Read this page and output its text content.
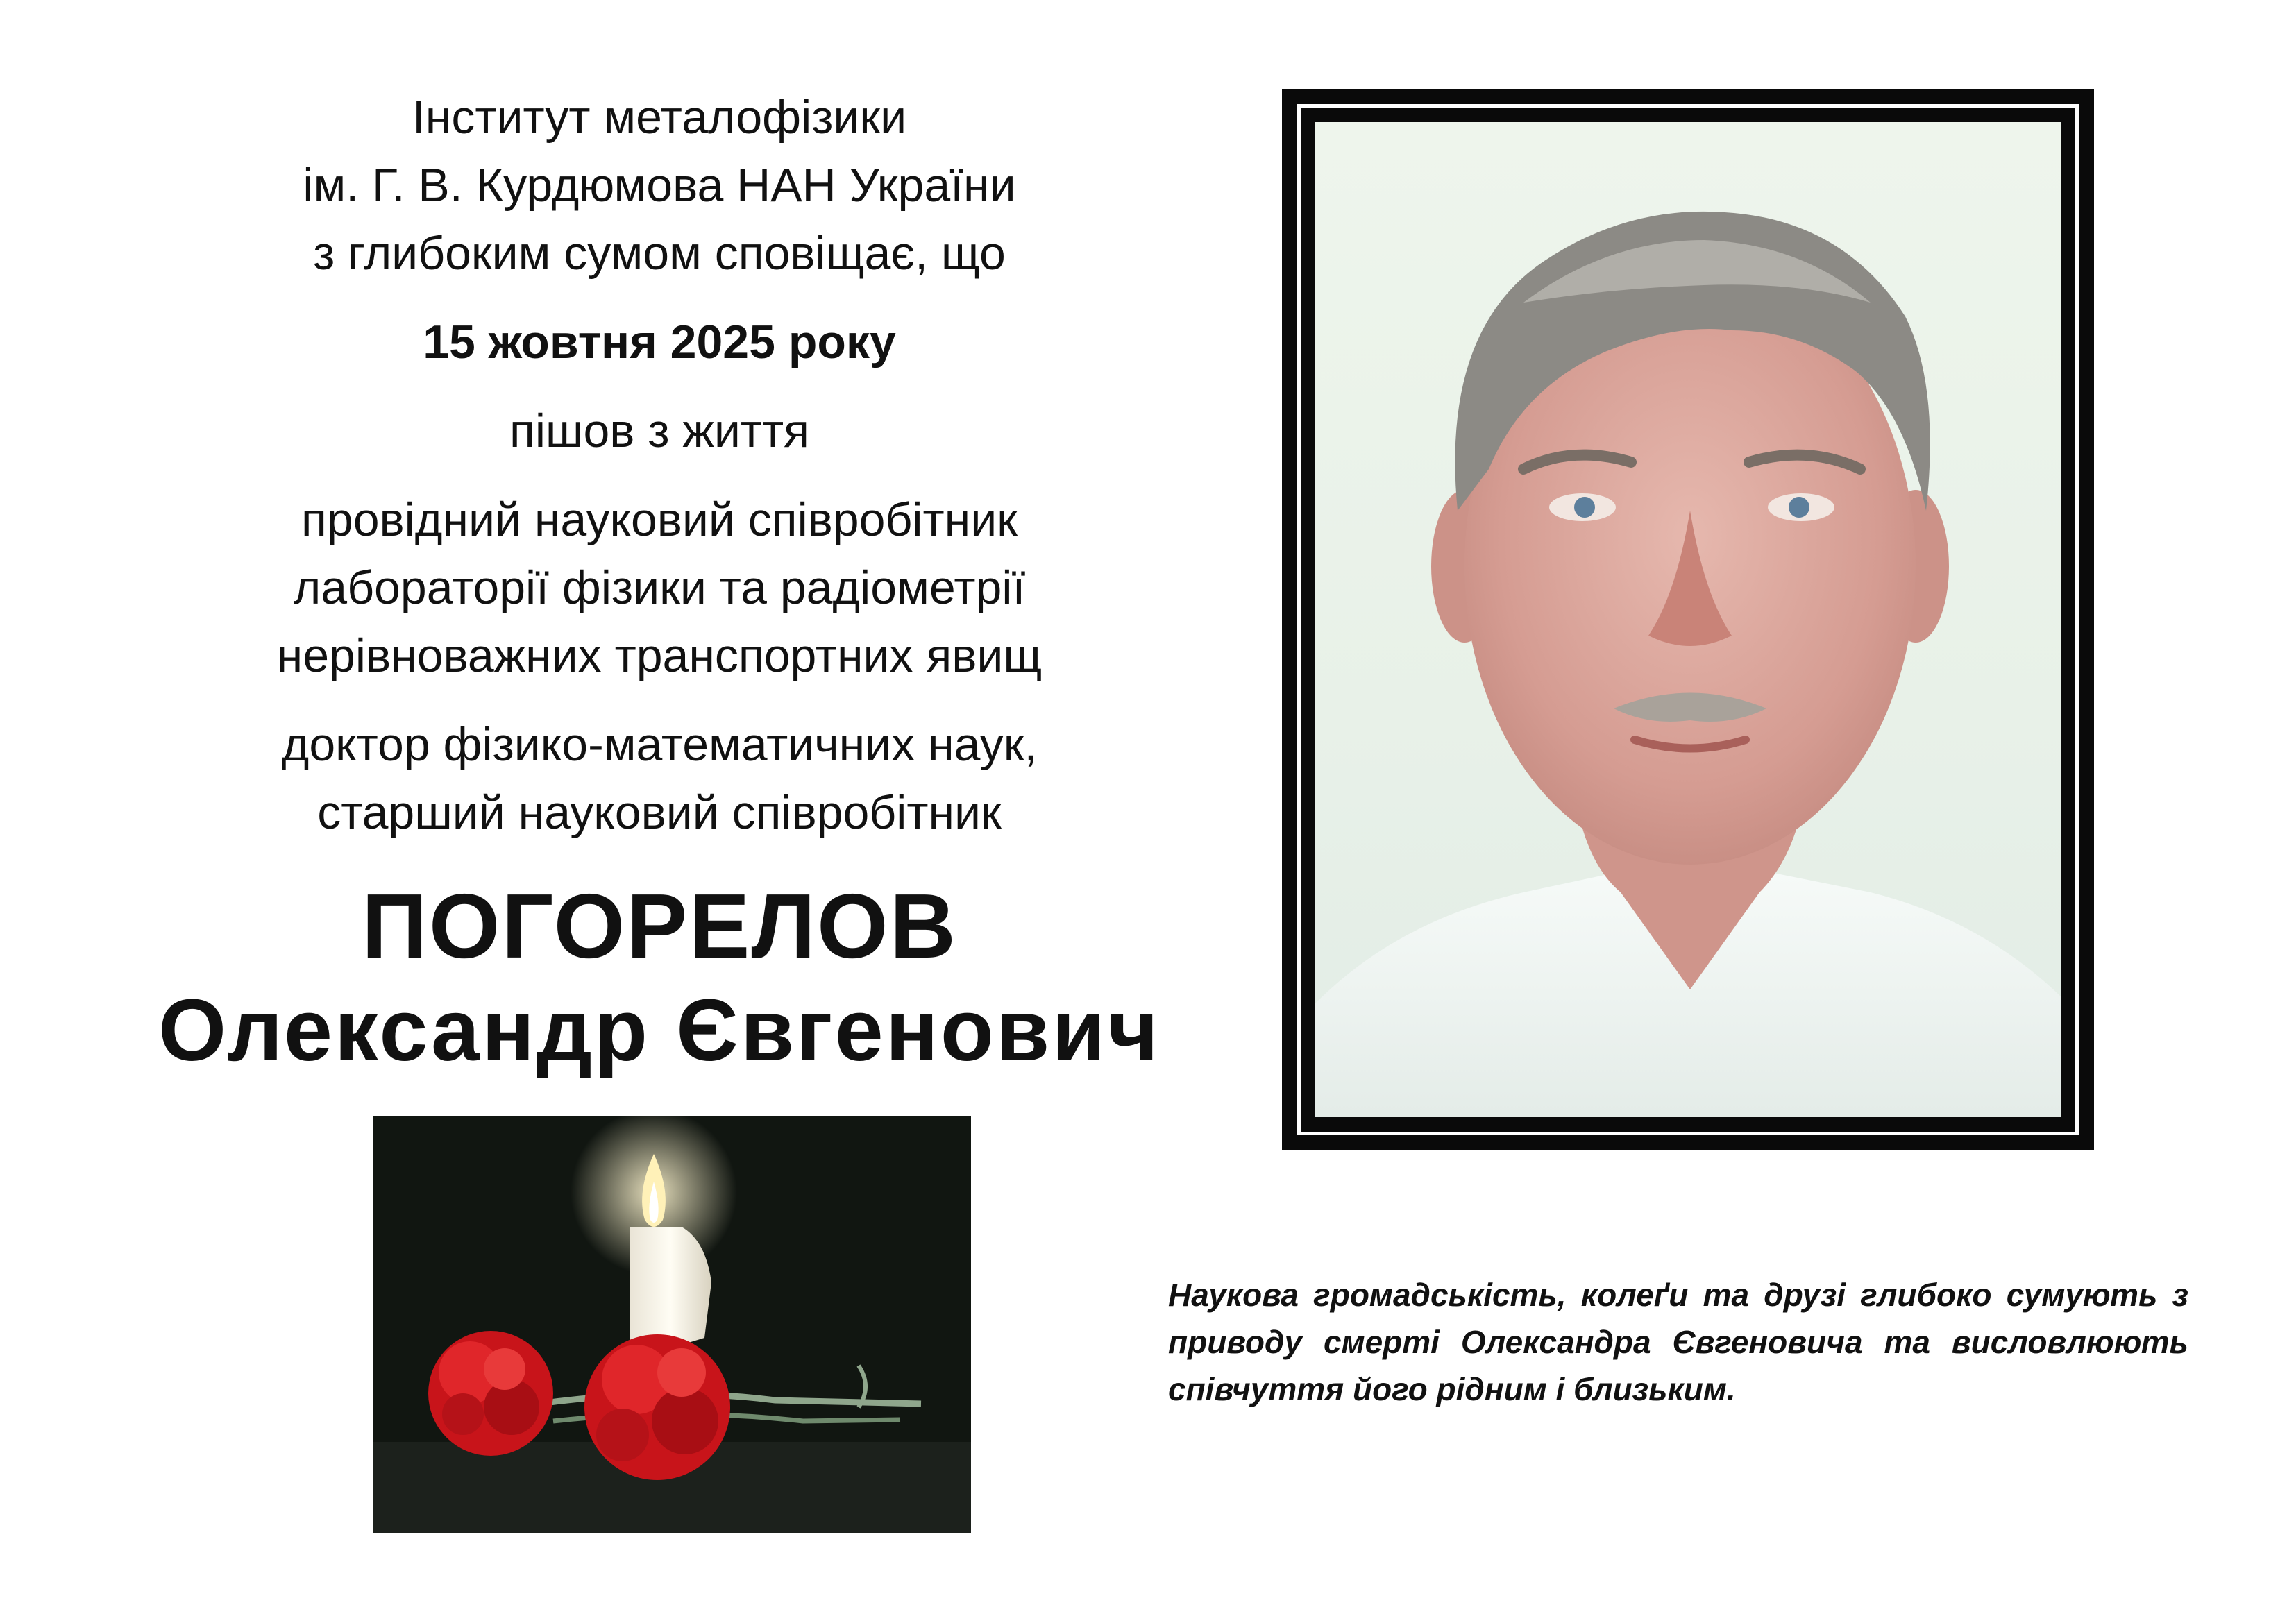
Інститут металофізики
ім. Г. В. Курдюмова НАН України
з глибоким сумом сповіщає, що
15 жовтня 2025 року
пішов з життя
провідний науковий співробітник
лабораторії фізики та радіометрії
нерівноважних транспортних явищ
доктор фізико-математичних наук,
старший науковий співробітник
ПОГОРЕЛОВ
Олександр Євгенович
Наукова громадськість, колеґи та друзі глибоко сумують з приводу смерті Олександра Євгеновича та висловлюють співчуття його рідним і близьким.
